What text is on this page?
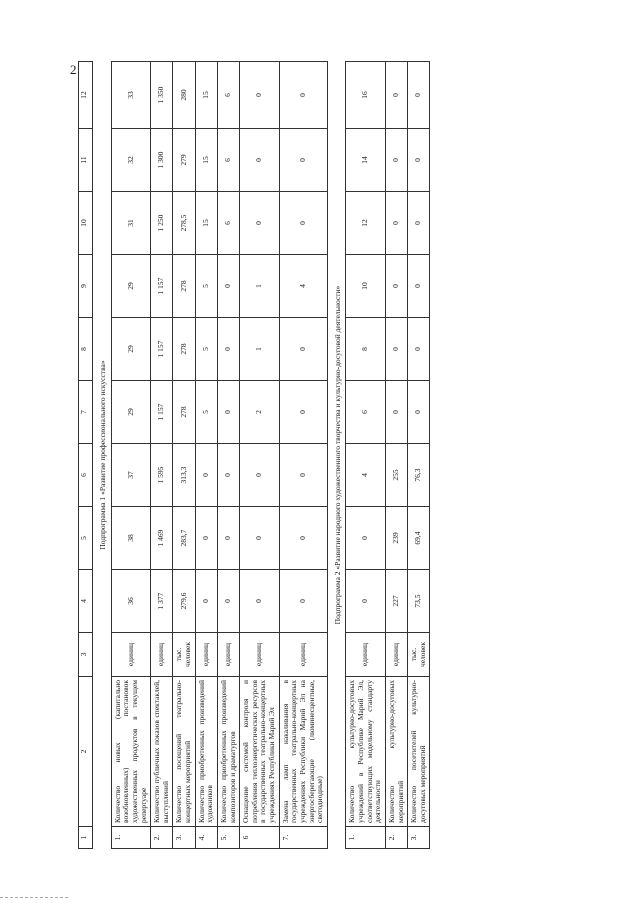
2
1	2	3	4	5	6	7	8	9	10	11	12
Подпрограмма 1 «Развитие профессионального искусства»											
1.	Количество новых (капитально возобновленных) постановок художественных продуктов в текущем репертуаре	единиц	36	38	37	29	29	29	31	32	33
2.	Количество публичных показов спектаклей, выступлений	единиц	1 377	1 469	1 595	1 157	1 157	1 157	1 250	1 300	1 350
3.	Количество посещений театрально-концертных мероприятий	тыс. человек	279,6	283,7	313,3	278	278	278	278,5	279	280
4.	Количество приобретенных произведений художников	единиц	0	0	0	5	5	5	15	15	15
5.	Количество приобретенных произведений композиторов и драматургов	единиц	0	0	0	0	0	0	6	6	6
6	Оснащение системой контроля и потребления теплоэнергетических ресурсов в государственных театрально-концертных учреждениях Республики Марий Эл	единиц	0	0	0	2	1	1	0	0	0
7.	Замена ламп накаливания в государственных театрально-концертных учреждениях Республики Марий Эл на энергосберегающие (люминесцентные, светодиодные)	единиц	0	0	0	0	0	4	0	0	0
Подпрограмма 2 «Развитие народного художественного творчества и культурно-досуговой деятельности»											
1.	Количество культурно-досуговых учреждений в Республике Марий Эл, соответствующих модельному стандарту деятельности	единиц	0	0	4	6	8	10	12	14	16
2.	Количество культурно-досуговых мероприятий	единиц	227	239	255	0	0	0	0	0	0
3.	Количество посетителей культурно-досуговых мероприятий	тыс. человек	73,5	69,4	76,3	0	0	0	0	0	0
